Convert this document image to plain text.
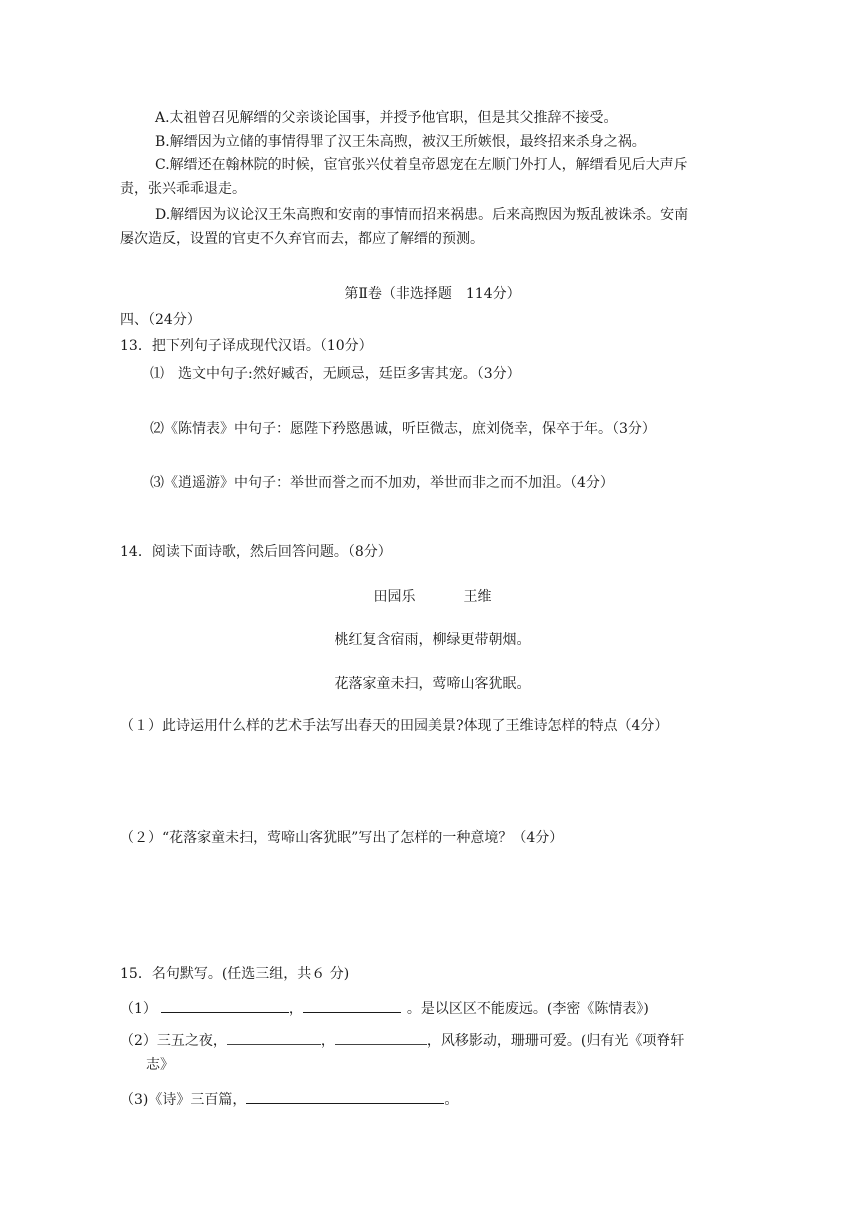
A.太祖曾召见解缙的父亲谈论国事，并授予他官职，但是其父推辞不接受。
B.解缙因为立储的事情得罪了汉王朱高煦，被汉王所嫉恨，最终招来杀身之祸。
C.解缙还在翰林院的时候，宦官张兴仗着皇帝恩宠在左顺门外打人，解缙看见后大声斥
责，张兴乖乖退走。
D.解缙因为议论汉王朱高煦和安南的事情而招来祸患。后来高煦因为叛乱被诛杀。安南
屡次造反，设置的官吏不久弃官而去，都应了解缙的预测。
第Ⅱ卷（非选择题　114分）
四、（24分）
13．把下列句子译成现代汉语。（10分）
⑴　选文中句子:然好臧否，无顾忌，廷臣多害其宠。（3分）
⑵《陈情表》中句子：愿陛下矜愍愚诚，听臣微志，庶刘侥幸，保卒于年。（3分）
⑶《逍遥游》中句子：举世而誉之而不加劝，举世而非之而不加沮。（4分）
14．阅读下面诗歌，然后回答问题。（8分）
田园乐	王维
桃红复含宿雨，柳绿更带朝烟。
花落家童未扫，莺啼山客犹眠。
（１）此诗运用什么样的艺术手法写出春天的田园美景?体现了王维诗怎样的特点（4分）
（２）“花落家童未扫，莺啼山客犹眠”写出了怎样的一种意境？（4分）
15．名句默写。(任选三组，共６ 分)
（1）	，	。是以区区不能废远。(李密《陈情表》)
（2）三五之夜，	，	，风移影动，珊珊可爱。(归有光《项脊轩
志》
（3)《诗》三百篇，	。
